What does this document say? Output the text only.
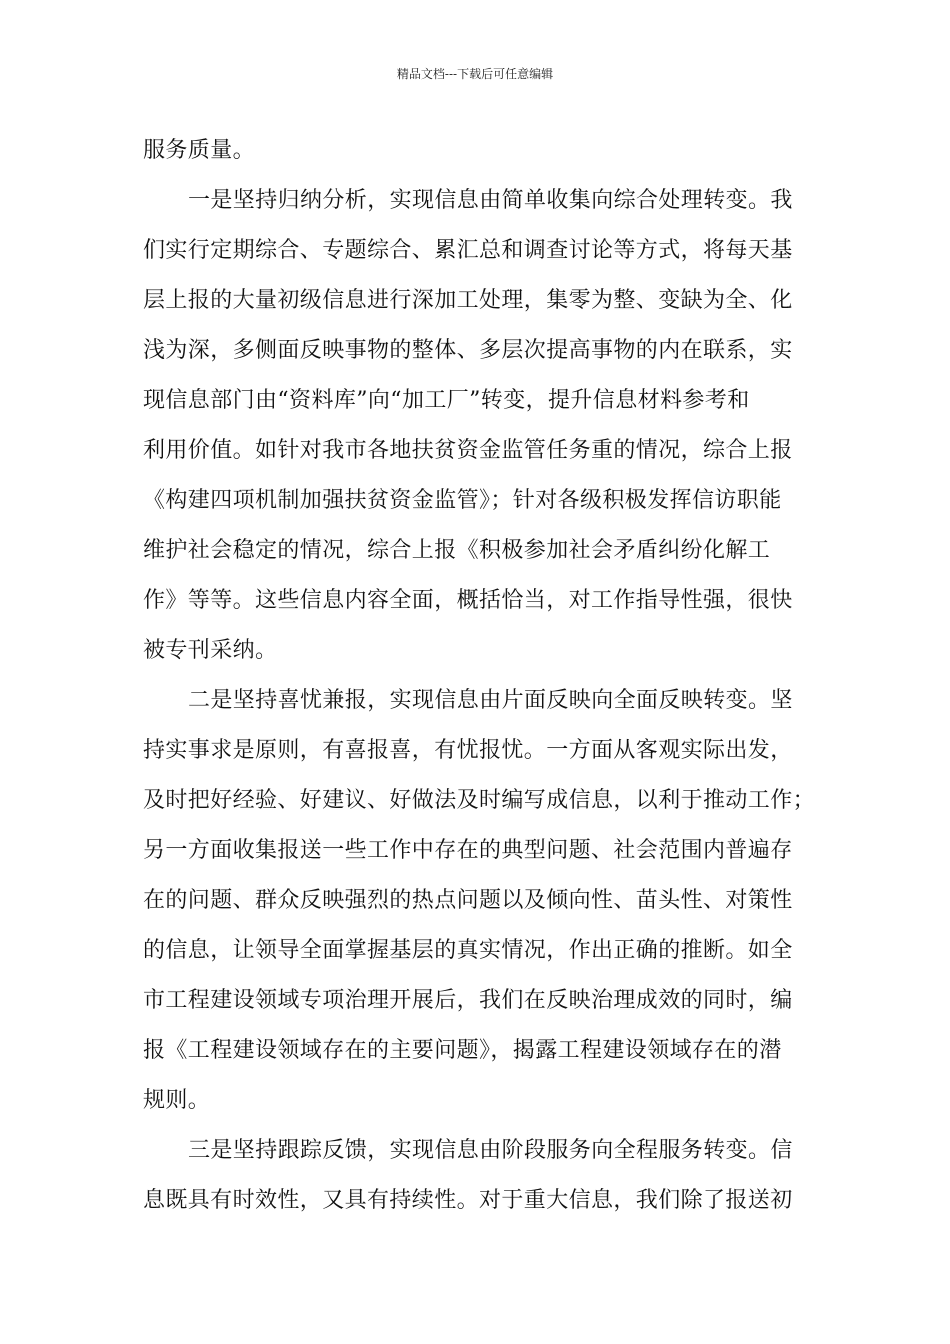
精品文档---下载后可任意编辑
服务质量。
一是坚持归纳分析，实现信息由简单收集向综合处理转变。我
们实行定期综合、专题综合、累汇总和调查讨论等方式，将每天基
层上报的大量初级信息进行深加工处理，集零为整、变缺为全、化
浅为深，多侧面反映事物的整体、多层次提高事物的内在联系，实
现信息部门由“资料库”向“加工厂”转变，提升信息材料参考和
利用价值。如针对我市各地扶贫资金监管任务重的情况，综合上报
《构建四项机制加强扶贫资金监管》；针对各级积极发挥信访职能
维护社会稳定的情况，综合上报《积极参加社会矛盾纠纷化解工
作》等等。这些信息内容全面，概括恰当，对工作指导性强，很快
被专刊采纳。
二是坚持喜忧兼报，实现信息由片面反映向全面反映转变。坚
持实事求是原则，有喜报喜，有忧报忧。一方面从客观实际出发，
及时把好经验、好建议、好做法及时编写成信息，以利于推动工作；
另一方面收集报送一些工作中存在的典型问题、社会范围内普遍存
在的问题、群众反映强烈的热点问题以及倾向性、苗头性、对策性
的信息，让领导全面掌握基层的真实情况，作出正确的推断。如全
市工程建设领域专项治理开展后，我们在反映治理成效的同时，编
报《工程建设领域存在的主要问题》，揭露工程建设领域存在的潜
规则。
三是坚持跟踪反馈，实现信息由阶段服务向全程服务转变。信
息既具有时效性，又具有持续性。对于重大信息，我们除了报送初
